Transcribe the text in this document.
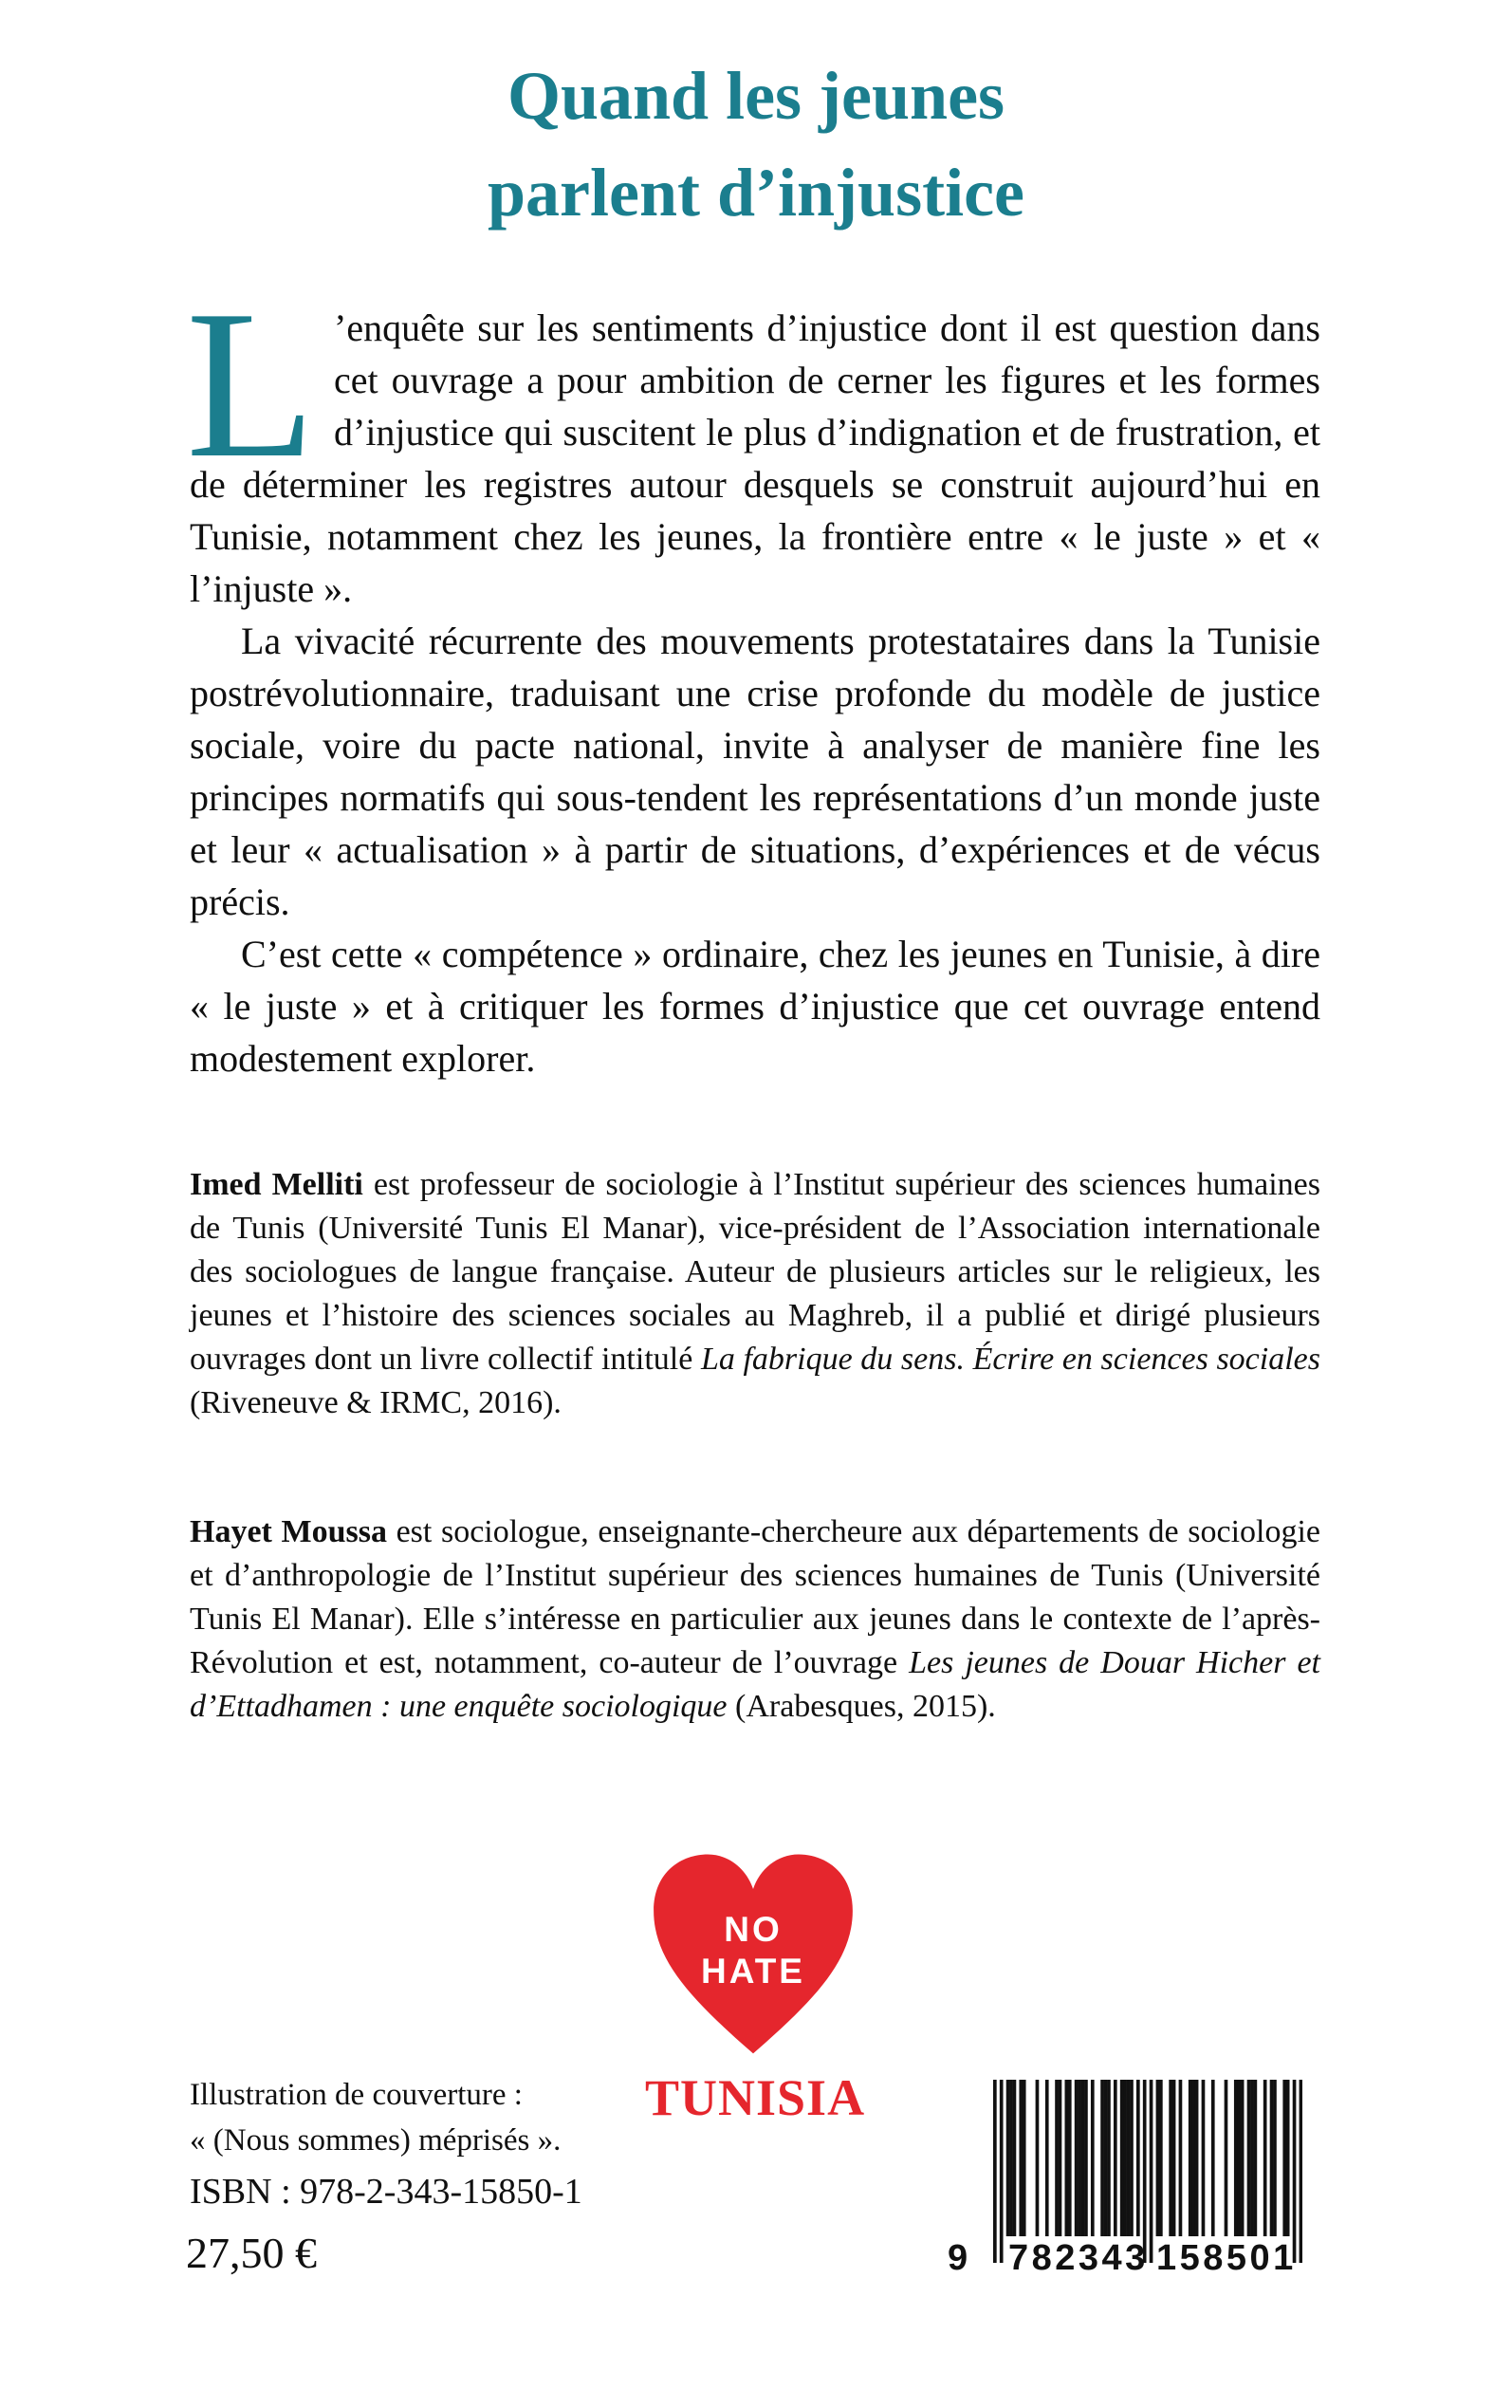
Quand les jeunes
parlent d’injustice
L ’enquête sur les sentiments d’injustice dont il est question dans cet ouvrage a pour ambition de cerner les figures et les formes d’injustice qui suscitent le plus d’indignation et de frustration, et de déterminer les registres autour desquels se construit aujourd’hui en Tunisie, notamment chez les jeunes, la frontière entre « le juste » et « l’injuste ».

La vivacité récurrente des mouvements protestataires dans la Tunisie postrévolutionnaire, traduisant une crise profonde du modèle de justice sociale, voire du pacte national, invite à analyser de manière fine les principes normatifs qui sous-tendent les représentations d’un monde juste et leur « actualisation » à partir de situations, d’expériences et de vécus précis.

C’est cette « compétence » ordinaire, chez les jeunes en Tunisie, à dire « le juste » et à critiquer les formes d’injustice que cet ouvrage entend modestement explorer.

Imed Melliti est professeur de sociologie à l’Institut supérieur des sciences humaines de Tunis (Université Tunis El Manar), vice-président de l’Association internationale des sociologues de langue française. Auteur de plusieurs articles sur le religieux, les jeunes et l’histoire des sciences sociales au Maghreb, il a publié et dirigé plusieurs ouvrages dont un livre collectif intitulé La fabrique du sens. Écrire en sciences sociales (Riveneuve & IRMC, 2016).
Hayet Moussa est sociologue, enseignante-chercheure aux départements de sociologie et d’anthropologie de l’Institut supérieur des sciences humaines de Tunis (Université Tunis El Manar). Elle s’intéresse en particulier aux jeunes dans le contexte de l’après-Révolution et est, notamment, co-auteur de l’ouvrage Les jeunes de Douar Hicher et d’Ettadhamen : une enquête sociologique (Arabesques, 2015).
NO
HATE
TUNISIA
Illustration de couverture :
« (Nous sommes) méprisés ».
ISBN : 978-2-343-15850-1
27,50 €	9 782343 158501
